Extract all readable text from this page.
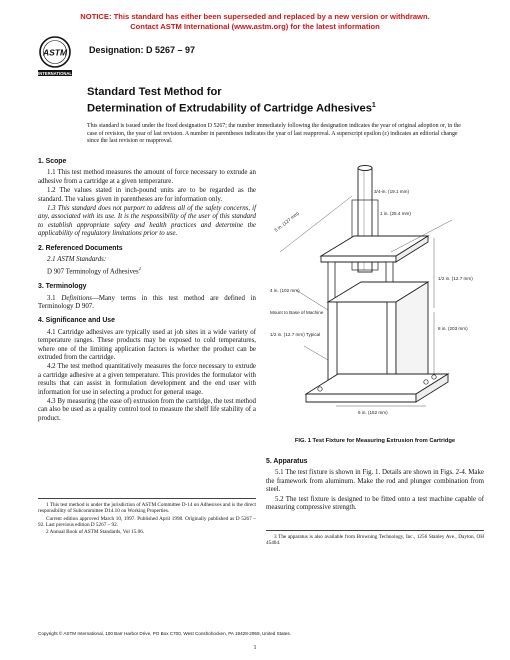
NOTICE: This standard has either been superseded and replaced by a new version or withdrawn.
Contact ASTM International (www.astm.org) for the latest information
ASTM
INTERNATIONAL
Designation: D 5267 – 97
Standard Test Method for
Determination of Extrudability of Cartridge Adhesives$^1$
This standard is issued under the fixed designation D 5267; the number immediately following the designation indicates the year of original adoption or, in the case of revision, the year of last revision. A number in parentheses indicates the year of last reapproval. A superscript epsilon (ε) indicates an editorial change since the last revision or reapproval.
1. Scope

1.1 This test method measures the amount of force necessary to extrude an adhesive from a cartridge at a given temperature.

1.2 The values stated in inch-pound units are to be regarded as the standard. The values given in parentheses are for information only.

1.3 This standard does not purport to address all of the safety concerns, if any, associated with its use. It is the responsibility of the user of this standard to establish appropriate safety and health practices and determine the applicability of regulatory limitations prior to use.

2. Referenced Documents

2.1 ASTM Standards:

D 907 Terminology of Adhesives$^2$

3. Terminology

3.1 Definitions—Many terms in this test method are defined in Terminology D 907.

4. Significance and Use

4.1 Cartridge adhesives are typically used at job sites in a wide variety of temperature ranges. These products may be exposed to cold temperatures, where one of the limiting application factors is whether the product can be extruded from the cartridge.

4.2 The test method quantitatively measures the force necessary to extrude a cartridge adhesive at a given temperature. This provides the formulator with results that can assist in formulation development and the end user with information for use in selecting a product for general usage.

4.3 By measuring (the ease of) extrusion from the cartridge, the test method can also be used as a quality control tool to measure the shelf life stability of a product.

1 This test method is under the jurisdiction of ASTM Committee D-14 on Adhesives and is the direct responsibility of Subcommittee D14.10 on Working Properties.

Current edition approved March 10, 1997. Published April 1998. Originally published as D 5267 – 92. Last previous edition D 5267 – 92.

2 Annual Book of ASTM Standards, Vol 15.06.

3/4-in. (19.1 mm)
1 in. (25.4 mm)
5 in. (127 mm)
1/2 in. (12.7 mm)
4 in. (102 mm)
Mount to Base of Machine
1/2 in. (12.7 mm) Typical
8 in. (203 mm)
6 in. (152 mm)
FIG. 1 Test Fixture for Measuring Extrusion from Cartridge
5. Apparatus

5.1 The test fixture is shown in Fig. 1. Details are shown in Figs. 2-4. Make the framework from aluminum. Make the rod and plunger combination from steel.

5.2 The test fixture is designed to be fitted onto a test machine capable of measuring compressive strength.

3 The apparatus is also available from Browning Technology, Inc., 1256 Stanley Ave., Dayton, OH 45404.

Copyright © ASTM International, 100 Barr Harbor Drive, PO Box C700, West Conshohocken, PA 19428-2959, United States.
1
